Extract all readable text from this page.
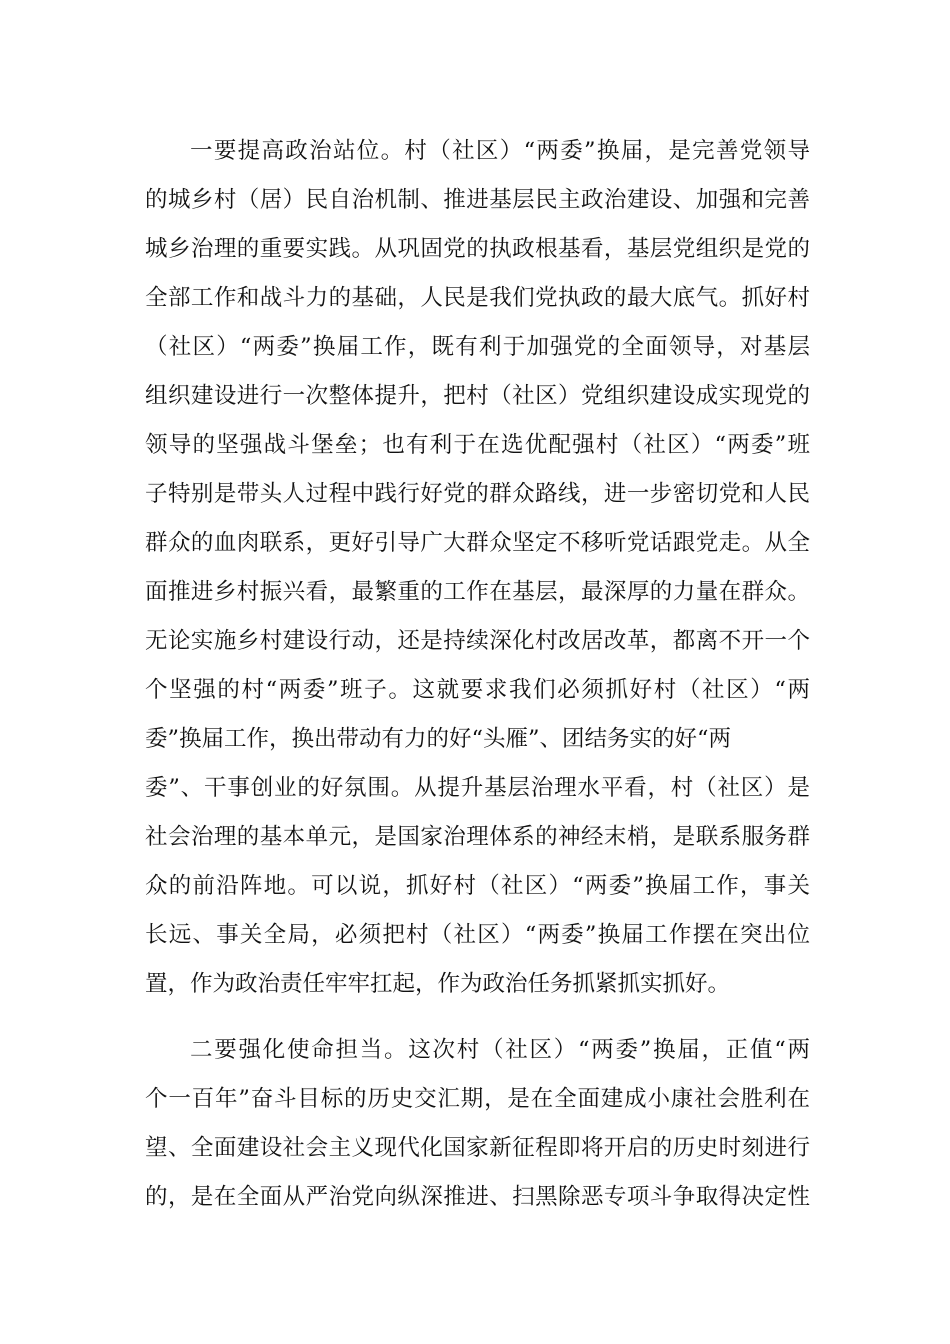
一要提高政治站位。村（社区）“两委”换届，是完善党领导
的城乡村（居）民自治机制、推进基层民主政治建设、加强和完善
城乡治理的重要实践。从巩固党的执政根基看，基层党组织是党的
全部工作和战斗力的基础，人民是我们党执政的最大底气。抓好村
（社区）“两委”换届工作，既有利于加强党的全面领导，对基层
组织建设进行一次整体提升，把村（社区）党组织建设成实现党的
领导的坚强战斗堡垒；也有利于在选优配强村（社区）“两委”班
子特别是带头人过程中践行好党的群众路线，进一步密切党和人民
群众的血肉联系，更好引导广大群众坚定不移听党话跟党走。从全
面推进乡村振兴看，最繁重的工作在基层，最深厚的力量在群众。
无论实施乡村建设行动，还是持续深化村改居改革，都离不开一个
个坚强的村“两委”班子。这就要求我们必须抓好村（社区）“两
委”换届工作，换出带动有力的好“头雁”、团结务实的好“两
委”、干事创业的好氛围。从提升基层治理水平看，村（社区）是
社会治理的基本单元，是国家治理体系的神经末梢，是联系服务群
众的前沿阵地。可以说，抓好村（社区）“两委”换届工作，事关
长远、事关全局，必须把村（社区）“两委”换届工作摆在突出位
置，作为政治责任牢牢扛起，作为政治任务抓紧抓实抓好。
二要强化使命担当。这次村（社区）“两委”换届，正值“两
个一百年”奋斗目标的历史交汇期，是在全面建成小康社会胜利在
望、全面建设社会主义现代化国家新征程即将开启的历史时刻进行
的，是在全面从严治党向纵深推进、扫黑除恶专项斗争取得决定性
